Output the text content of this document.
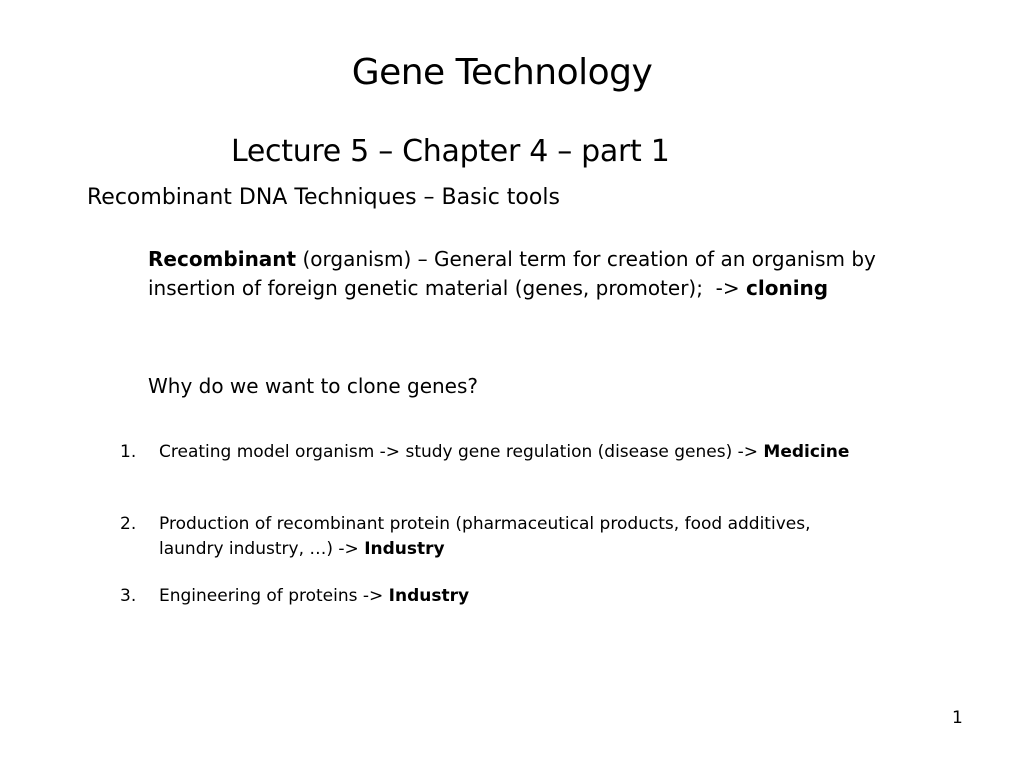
Gene Technology
Lecture 5 – Chapter 4 – part 1
Recombinant DNA Techniques – Basic tools
Recombinant (organism) – General term for creation of an organism by
insertion of foreign genetic material (genes, promoter);  -> cloning
Why do we want to clone genes?
1. Creating model organism -> study gene regulation (disease genes) -> Medicine
2. Production of recombinant protein (pharmaceutical products, food additives,
laundry industry, …) -> Industry
3. Engineering of proteins -> Industry
1
